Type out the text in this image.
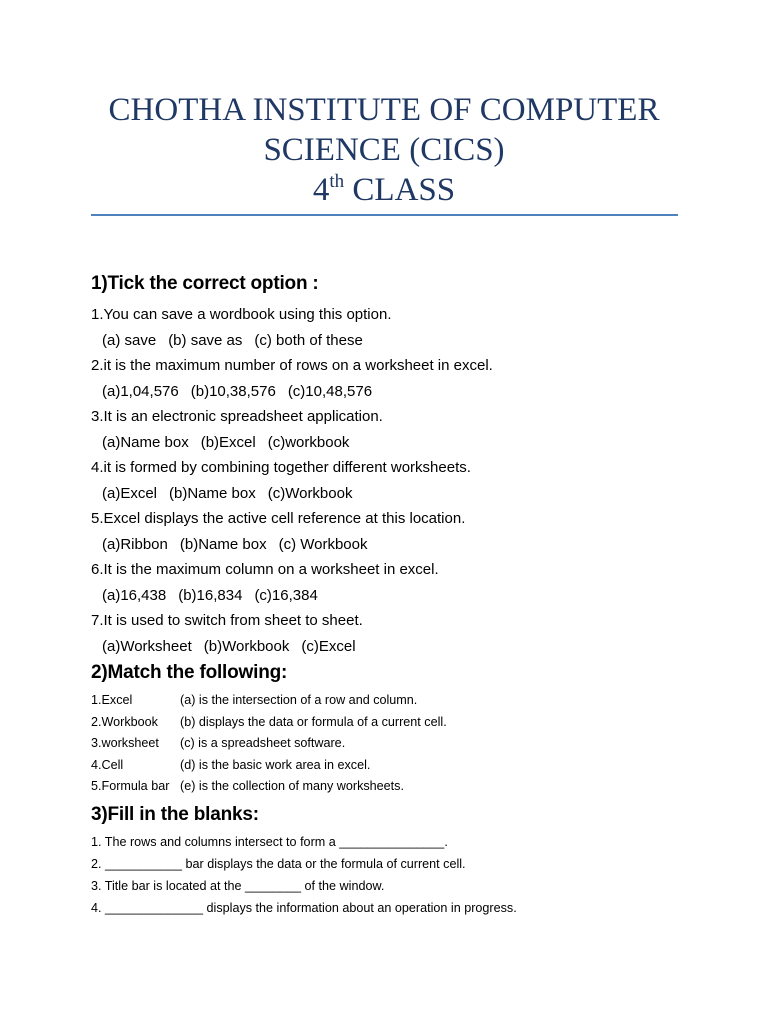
CHOTHA INSTITUTE OF COMPUTER
SCIENCE (CICS)
4th CLASS
1)Tick the correct option :
1.You can save a wordbook using this option.
(a) save (b) save as (c) both of these
2.it is the maximum number of rows on a worksheet in excel.
(a)1,04,576 (b)10,38,576 (c)10,48,576
3.It is an electronic spreadsheet application.
(a)Name box (b)Excel (c)workbook
4.it is formed by combining together different worksheets.
(a)Excel (b)Name box (c)Workbook
5.Excel displays the active cell reference at this location.
(a)Ribbon (b)Name box (c) Workbook
6.It is the maximum column on a worksheet in excel.
(a)16,438 (b)16,834 (c)16,384
7.It is used to switch from sheet to sheet.
(a)Worksheet (b)Workbook (c)Excel
2)Match the following:
1.Excel	(a) is the intersection of a row and column.
2.Workbook (b) displays the data or formula of a current cell.
3.worksheet (c) is a spreadsheet software.
4.Cell	(d) is the basic work area in excel.
5.Formula bar (e) is the collection of many worksheets.
3)Fill in the blanks:
1. The rows and columns intersect to form a _______________.
2. ___________ bar displays the data or the formula of current cell.
3. Title bar is located at the ________ of the window.
4. ______________ displays the information about an operation in progress.
